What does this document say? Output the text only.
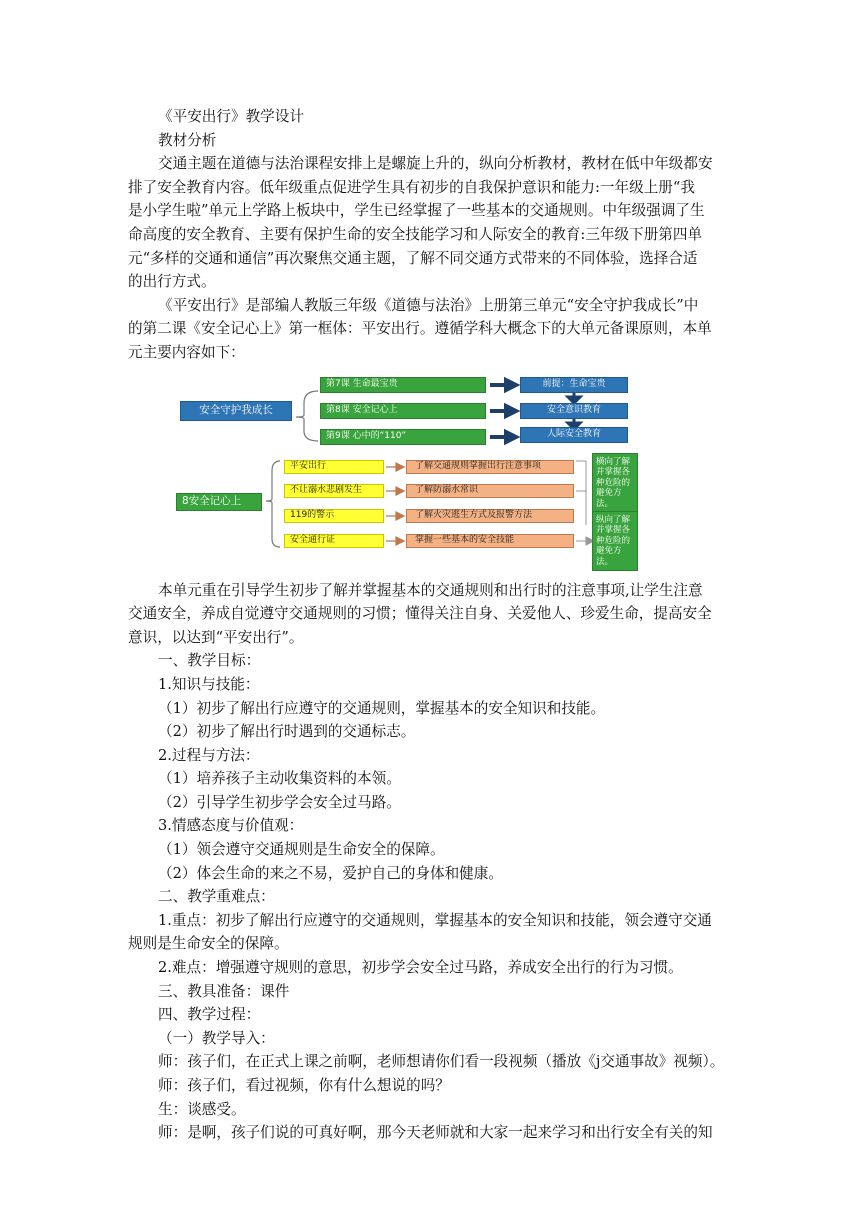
《平安出行》教学设计
教材分析
交通主题在道德与法治课程安排上是螺旋上升的，纵向分析教材，教材在低中年级都安
排了安全教育内容。低年级重点促进学生具有初步的自我保护意识和能力:一年级上册“我
是小学生啦”单元上学路上板块中，学生已经掌握了一些基本的交通规则。中年级强调了生
命高度的安全教育、主要有保护生命的安全技能学习和人际安全的教育:三年级下册第四单
元“多样的交通和通信”再次聚焦交通主题，了解不同交通方式带来的不同体验，选择合适
的出行方式。
《平安出行》是部编人教版三年级《道德与法治》上册第三单元“安全守护我成长”中
的第二课《安全记心上》第一框体：平安出行。遵循学科大概念下的大单元备课原则，本单
元主要内容如下：
安全守护我成长
第7课 生命最宝贵
第8课 安全记心上
第9课 心中的“110”
前提：生命宝贵
安全意识教育
人际安全教育
8安全记心上
平安出行
不让溺水悲剧发生
119的警示
安全通行证
了解交通规则掌握出行注意事项
了解防溺水常识
了解火灾逃生方式及报警方法
掌握一些基本的安全技能
横向了解并掌握各种危险的避免方法。
纵向了解并掌握各种危险的避免方法。
本单元重在引导学生初步了解并掌握基本的交通规则和出行时的注意事项,让学生注意
交通安全，养成自觉遵守交通规则的习惯；懂得关注自身、关爱他人、珍爱生命，提高安全
意识，以达到“平安出行”。
一、教学目标：
1.知识与技能：
（1）初步了解出行应遵守的交通规则，掌握基本的安全知识和技能。
（2）初步了解出行时遇到的交通标志。
2.过程与方法：
（1）培养孩子主动收集资料的本领。
（2）引导学生初步学会安全过马路。
3.情感态度与价值观：
（1）领会遵守交通规则是生命安全的保障。
（2）体会生命的来之不易，爱护自己的身体和健康。
二、教学重难点：
1.重点：初步了解出行应遵守的交通规则，掌握基本的安全知识和技能，领会遵守交通
规则是生命安全的保障。
2.难点：增强遵守规则的意思，初步学会安全过马路，养成安全出行的行为习惯。
三、教具准备：课件
四、教学过程：
（一）教学导入：
师：孩子们，在正式上课之前啊，老师想请你们看一段视频（播放《j交通事故》视频）。
师：孩子们，看过视频，你有什么想说的吗？
生：谈感受。
师：是啊，孩子们说的可真好啊，那今天老师就和大家一起来学习和出行安全有关的知
